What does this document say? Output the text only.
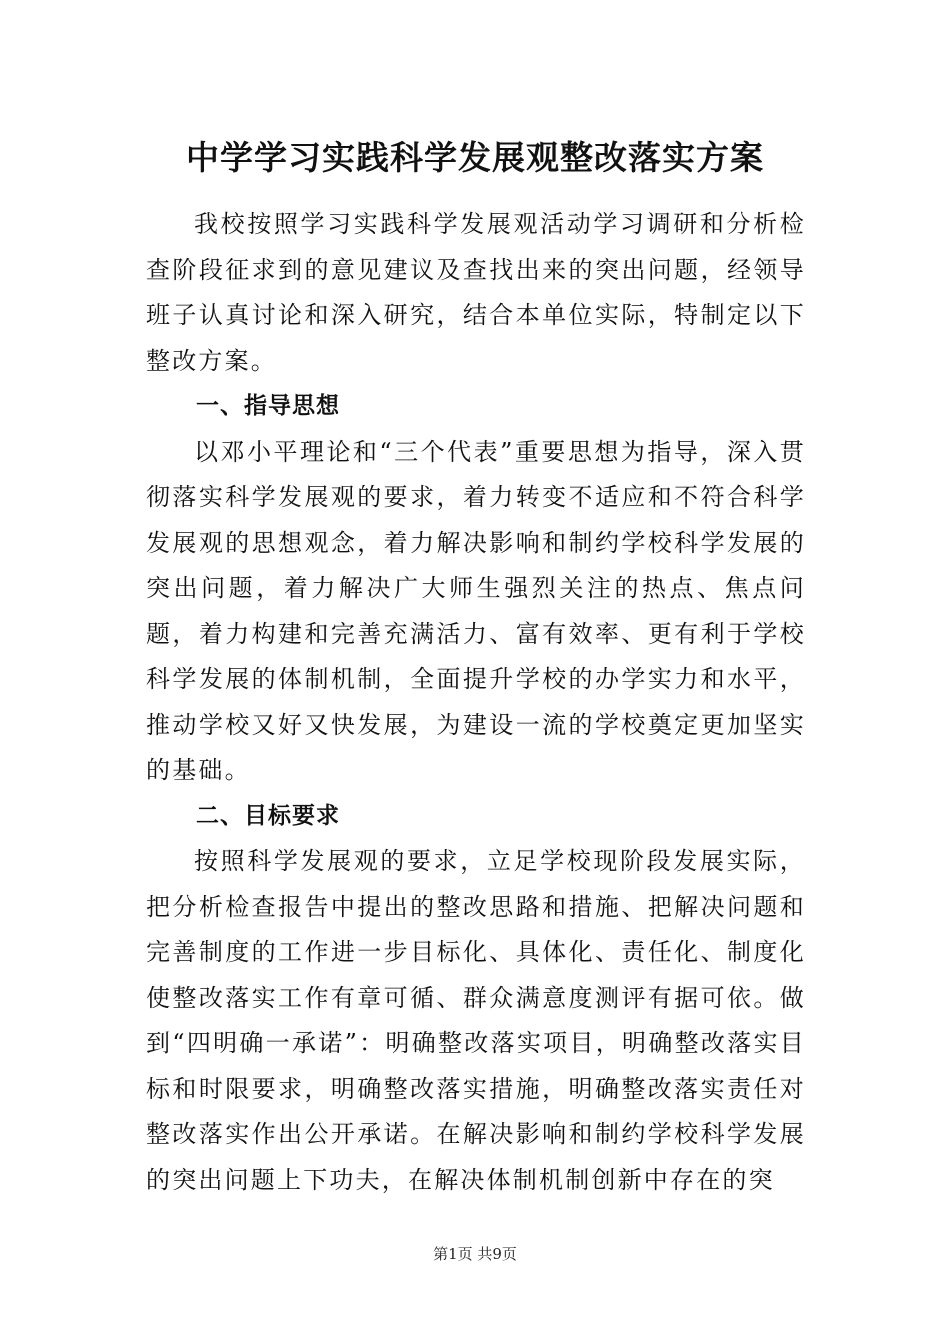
中学学习实践科学发展观整改落实方案

我校按照学习实践科学发展观活动学习调研和分析检查阶段征求到的意见建议及查找出来的突出问题，经领导班子认真讨论和深入研究，结合本单位实际，特制定以下整改方案。

一、指导思想

以邓小平理论和“三个代表”重要思想为指导，深入贯彻落实科学发展观的要求，着力转变不适应和不符合科学发展观的思想观念，着力解决影响和制约学校科学发展的突出问题，着力解决广大师生强烈关注的热点、焦点问题，着力构建和完善充满活力、富有效率、更有利于学校科学发展的体制机制，全面提升学校的办学实力和水平，推动学校又好又快发展，为建设一流的学校奠定更加坚实的基础。

二、目标要求

按照科学发展观的要求，立足学校现阶段发展实际，把分析检查报告中提出的整改思路和措施、把解决问题和完善制度的工作进一步目标化、具体化、责任化、制度化使整改落实工作有章可循、群众满意度测评有据可依。做到“四明确一承诺”：明确整改落实项目，明确整改落实目标和时限要求，明确整改落实措施，明确整改落实责任对整改落实作出公开承诺。在解决影响和制约学校科学发展的突出问题上下功夫，在解决体制机制创新中存在的突

第1页 共9页
